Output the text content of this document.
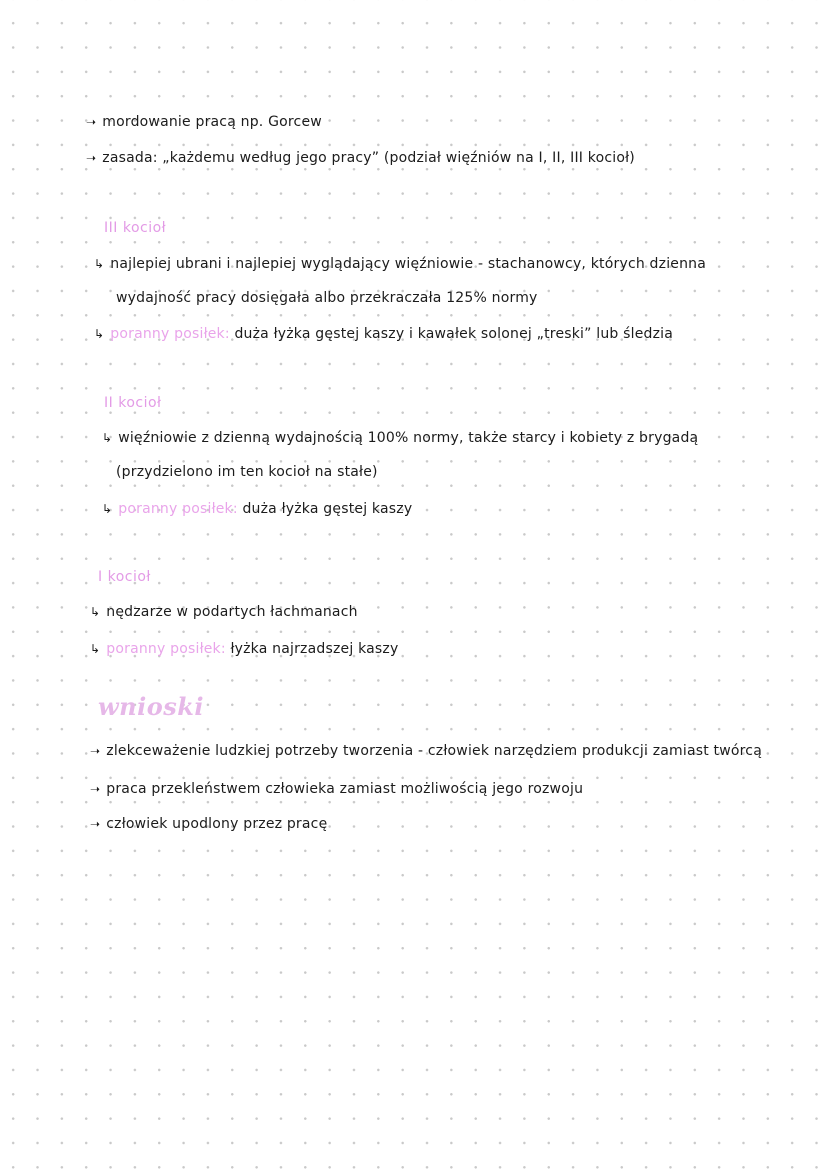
➝ mordowanie pracą np. Gorcew
➝ zasada: „każdemu według jego pracy” (podział więźniów na I, II, III kocioł)
III kocioł
↳ najlepiej ubrani i najlepiej wyglądający więźniowie - stachanowcy, których dzienna
wydajność pracy dosięgała albo przekraczała 125% normy
↳ poranny posiłek: duża łyżka gęstej kaszy i kawałek solonej „treski” lub śledzia
II kocioł
↳ więźniowie z dzienną wydajnością 100% normy, także starcy i kobiety z brygadą
(przydzielono im ten kocioł na stałe)
↳ poranny posiłek: duża łyżka gęstej kaszy
I kocioł
↳ nędzarze w podartych łachmanach
↳ poranny posiłek: łyżka najrzadszej kaszy
wnioski
➝ zlekceważenie ludzkiej potrzeby tworzenia - człowiek narzędziem produkcji zamiast twórcą
➝ praca przekleństwem człowieka zamiast możliwością jego rozwoju
➝ człowiek upodlony przez pracę
